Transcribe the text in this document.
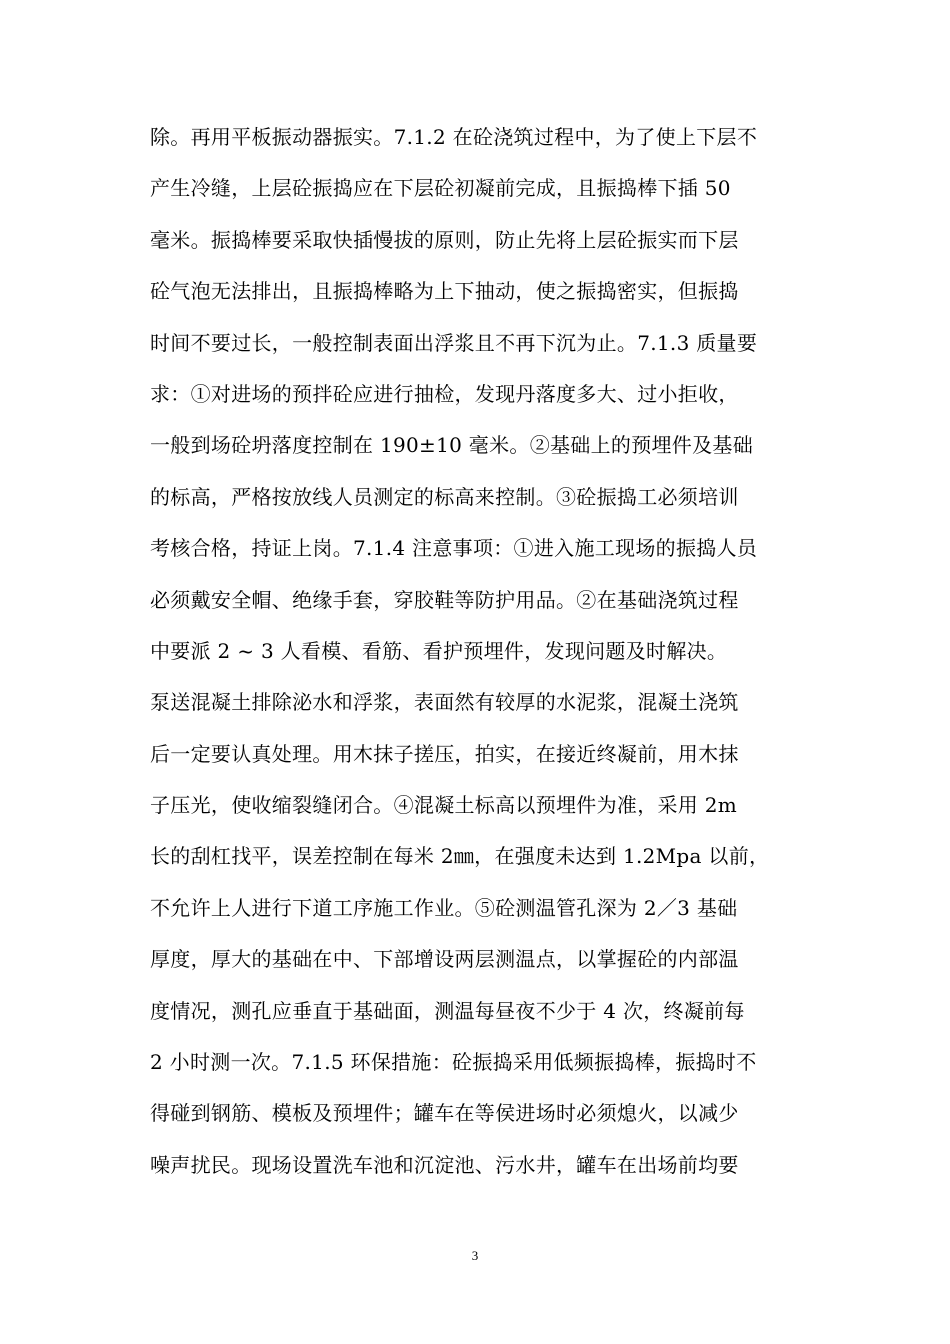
除。再用平板振动器振实。7.1.2 在砼浇筑过程中，为了使上下层不
产生冷缝，上层砼振捣应在下层砼初凝前完成，且振捣棒下插 50
毫米。振捣棒要采取快插慢拔的原则，防止先将上层砼振实而下层
砼气泡无法排出，且振捣棒略为上下抽动，使之振捣密实，但振捣
时间不要过长，一般控制表面出浮浆且不再下沉为止。7.1.3 质量要
求：①对进场的预拌砼应进行抽检，发现丹落度多大、过小拒收，
一般到场砼坍落度控制在 190±10 毫米。②基础上的预埋件及基础
的标高，严格按放线人员测定的标高来控制。③砼振捣工必须培训
考核合格，持证上岗。7.1.4 注意事项：①进入施工现场的振捣人员
必须戴安全帽、绝缘手套，穿胶鞋等防护用品。②在基础浇筑过程
中要派 2 ~ 3 人看模、看筋、看护预埋件，发现问题及时解决。
泵送混凝土排除泌水和浮浆，表面然有较厚的水泥浆，混凝土浇筑
后一定要认真处理。用木抹子搓压，拍实，在接近终凝前，用木抹
子压光，使收缩裂缝闭合。④混凝土标高以预埋件为准，采用 2m
长的刮杠找平，误差控制在每米 2㎜，在强度未达到 1.2Mpa 以前，
不允许上人进行下道工序施工作业。⑤砼测温管孔深为 2／3 基础
厚度，厚大的基础在中、下部增设两层测温点，以掌握砼的内部温
度情况，测孔应垂直于基础面，测温每昼夜不少于 4 次，终凝前每
2 小时测一次。7.1.5 环保措施：砼振捣采用低频振捣棒，振捣时不
得碰到钢筋、模板及预埋件；罐车在等侯进场时必须熄火，以减少
噪声扰民。现场设置洗车池和沉淀池、污水井，罐车在出场前均要
3
